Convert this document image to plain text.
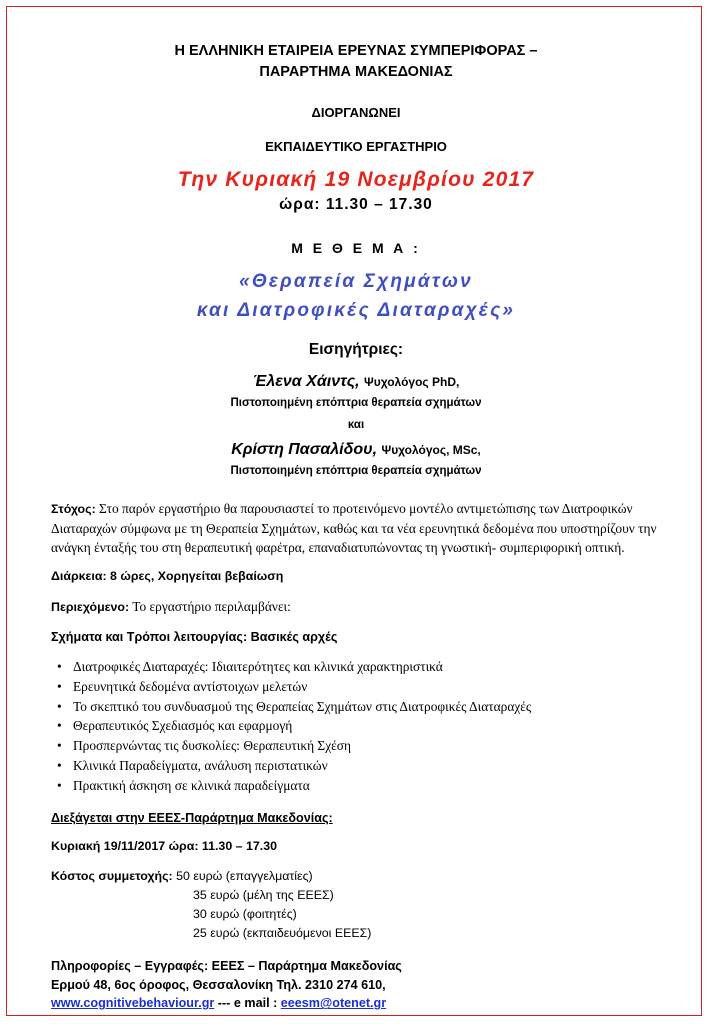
Η ΕΛΛΗΝΙΚΗ ΕΤΑΙΡΕΙΑ ΕΡΕΥΝΑΣ ΣΥΜΠΕΡΙΦΟΡΑΣ –
ΠΑΡΑΡΤΗΜΑ ΜΑΚΕΔΟΝΙΑΣ
ΔΙΟΡΓΑΝΩΝΕΙ
ΕΚΠΑΙΔΕΥΤΙΚΟ ΕΡΓΑΣΤΗΡΙΟ
Την Κυριακή 19 Νοεμβρίου 2017
ώρα: 11.30 – 17.30
Μ Ε Θ Ε Μ Α :
«Θεραπεία Σχημάτων
και Διατροφικές Διαταραχές»
Εισηγήτριες:
Έλενα Χάιντς, Ψυχολόγος PhD,
Πιστοποιημένη επόπτρια θεραπεία σχημάτων
και
Κρίστη Πασαλίδου, Ψυχολόγος, MSc,
Πιστοποιημένη επόπτρια θεραπεία σχημάτων

Στόχος: Στο παρόν εργαστήριο θα παρουσιαστεί το προτεινόμενο μοντέλο αντιμετώπισης των Διατροφικών Διαταραχών σύμφωνα με τη Θεραπεία Σχημάτων, καθώς και τα νέα ερευνητικά δεδομένα που υποστηρίζουν την ανάγκη ένταξής του στη θεραπευτική φαρέτρα, επαναδιατυπώνοντας τη γνωστική- συμπεριφορική οπτική.

Διάρκεια: 8 ώρες, Χορηγείται βεβαίωση

Περιεχόμενο: Το εργαστήριο περιλαμβάνει:

Σχήματα και Τρόποι λειτουργίας: Βασικές αρχές

• Διατροφικές Διαταραχές: Ιδιαιτερότητες και κλινικά χαρακτηριστικά
• Ερευνητικά δεδομένα αντίστοιχων μελετών
• Το σκεπτικό του συνδυασμού της Θεραπείας Σχημάτων στις Διατροφικές Διαταραχές
• Θεραπευτικός Σχεδιασμός και εφαρμογή
• Προσπερνώντας τις δυσκολίες: Θεραπευτική Σχέση
• Κλινικά Παραδείγματα, ανάλυση περιστατικών
• Πρακτική άσκηση σε κλινικά παραδείγματα

Διεξάγεται στην ΕΕΕΣ-Παράρτημα Μακεδονίας:

Κυριακή 19/11/2017 ώρα: 11.30 – 17.30

Κόστος συμμετοχής: 50 ευρώ (επαγγελματίες)
35 ευρώ (μέλη της ΕΕΕΣ)
30 ευρώ (φοιτητές)
25 ευρώ (εκπαιδευόμενοι ΕΕΕΣ)
Πληροφορίες – Εγγραφές: ΕΕΕΣ – Παράρτημα Μακεδονίας
Ερμού 48, 6ος όροφος, Θεσσαλονίκη Τηλ. 2310 274 610,
www.cognitivebehaviour.gr --- e mail : eeesm@otenet.gr
